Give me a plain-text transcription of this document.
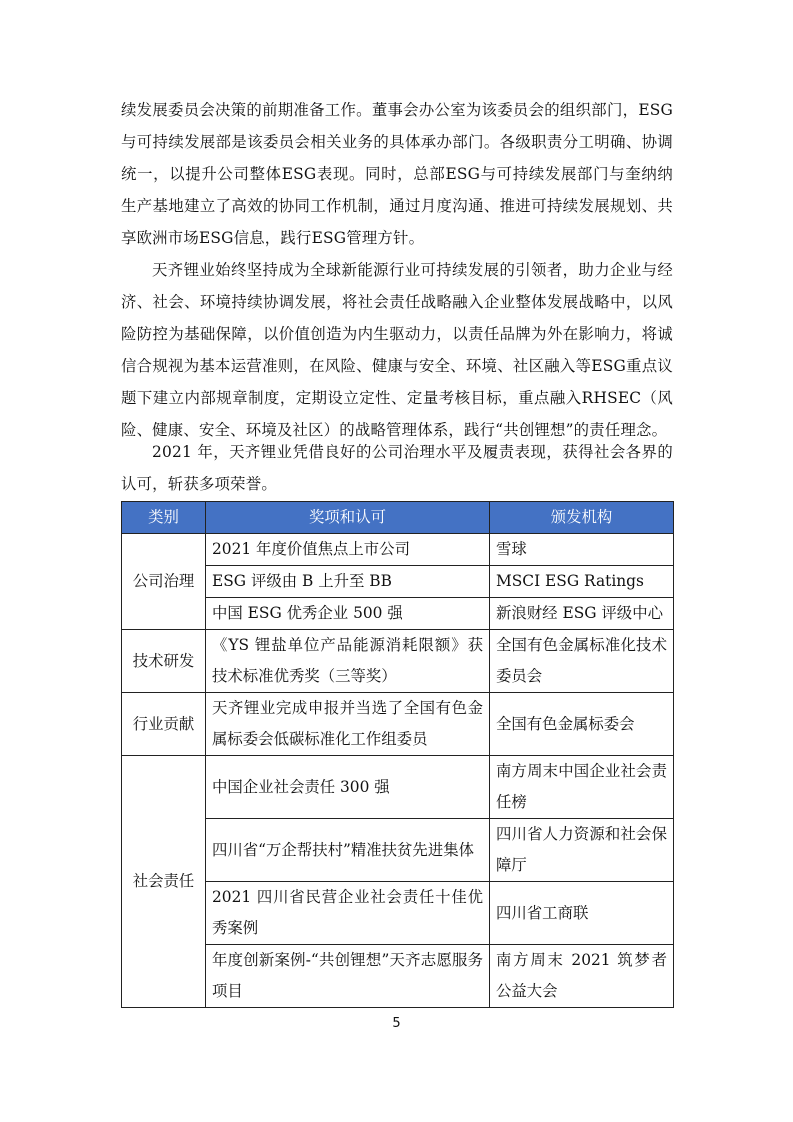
续发展委员会决策的前期准备工作。董事会办公室为该委员会的组织部门，ESG与可持续发展部是该委员会相关业务的具体承办部门。各级职责分工明确、协调统一，以提升公司整体ESG表现。同时，总部ESG与可持续发展部门与奎纳纳生产基地建立了高效的协同工作机制，通过月度沟通、推进可持续发展规划、共享欧洲市场ESG信息，践行ESG管理方针。
天齐锂业始终坚持成为全球新能源行业可持续发展的引领者，助力企业与经济、社会、环境持续协调发展，将社会责任战略融入企业整体发展战略中，以风险防控为基础保障，以价值创造为内生驱动力，以责任品牌为外在影响力，将诚信合规视为基本运营准则，在风险、健康与安全、环境、社区融入等ESG重点议题下建立内部规章制度，定期设立定性、定量考核目标，重点融入RHSEC（风险、健康、安全、环境及社区）的战略管理体系，践行“共创锂想”的责任理念。
2021 年，天齐锂业凭借良好的公司治理水平及履责表现，获得社会各界的认可，斩获多项荣誉。
类别	奖项和认可	颁发机构
公司治理	2021 年度价值焦点上市公司	雪球
	ESG 评级由 B 上升至 BB	MSCI ESG Ratings
	中国 ESG 优秀企业 500 强	新浪财经 ESG 评级中心
技术研发	《YS 锂盐单位产品能源消耗限额》获技术标准优秀奖（三等奖）	全国有色金属标准化技术委员会
行业贡献	天齐锂业完成申报并当选了全国有色金属标委会低碳标准化工作组委员	全国有色金属标委会
社会责任	中国企业社会责任 300 强	南方周末中国企业社会责任榜
	四川省“万企帮扶村”精准扶贫先进集体	四川省人力资源和社会保障厅
	2021 四川省民营企业社会责任十佳优秀案例	四川省工商联
	年度创新案例-“共创锂想”天齐志愿服务项目	南方周末 2021 筑梦者公益大会
5
